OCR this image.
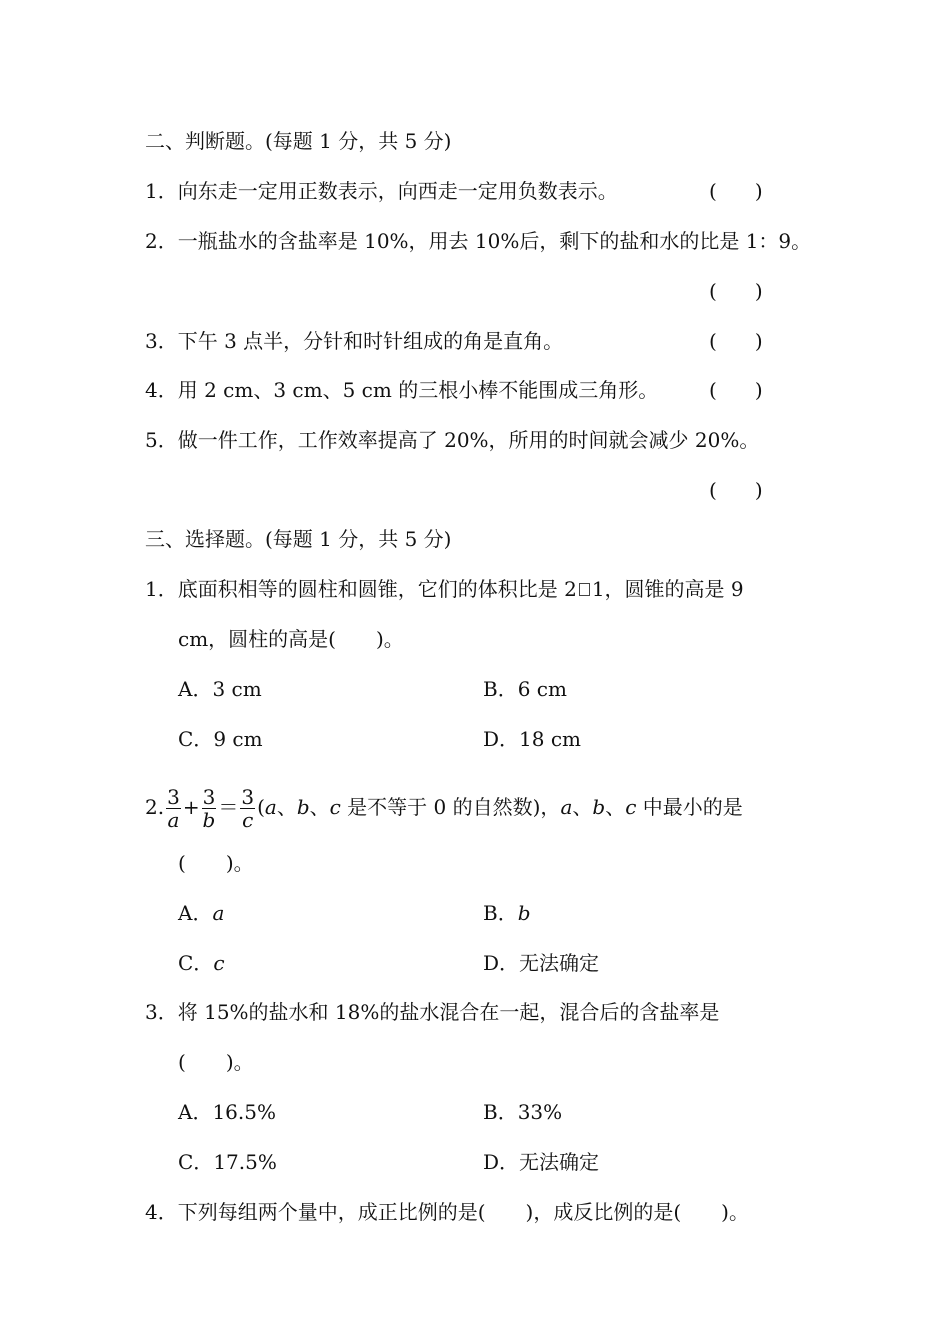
二、判断题。(每题 1 分，共 5 分)
1．向东走一定用正数表示，向西走一定用负数表示。	( )
2．一瓶盐水的含盐率是 10%，用去 10%后，剩下的盐和水的比是 1：9。
( )
3．下午 3 点半，分针和时针组成的角是直角。	( )
4．用 2 cm、3 cm、5 cm 的三根小棒不能围成三角形。	( )
5．做一件工作，工作效率提高了 20%，所用的时间就会减少 20%。
( )
三、选择题。(每题 1 分，共 5 分)
1．底面积相等的圆柱和圆锥，它们的体积比是 2 1，圆锥的高是 9
cm，圆柱的高是( )。
A．3 cm	B．6 cm
C．9 cm	D．18 cm
2. $\frac{3}{a} + \frac{3}{b} = \frac{3}{c} (a$、b、c 是不等于 0 的自然数)，a、b、c 中最小的是
( )。
A．a	B．b
C．c	D．无法确定
3．将 15%的盐水和 18%的盐水混合在一起，混合后的含盐率是
( )。
A．16.5%	B．33%
C．17.5%	D．无法确定
4．下列每组两个量中，成正比例的是( )，成反比例的是( )。
